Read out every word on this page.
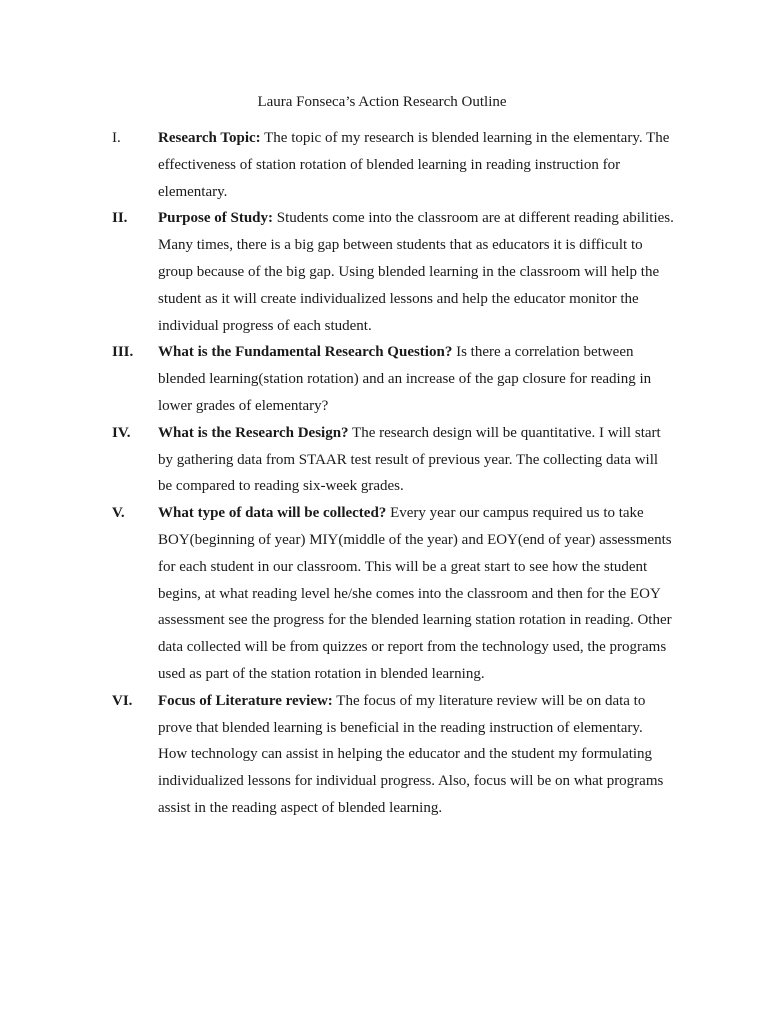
Laura Fonseca’s Action Research Outline
I.	Research Topic: The topic of my research is blended learning in the elementary. The
effectiveness of station rotation of blended learning in reading instruction for
elementary.
II.	Purpose of Study: Students come into the classroom are at different reading abilities.
Many times, there is a big gap between students that as educators it is difficult to
group because of the big gap. Using blended learning in the classroom will help the
student as it will create individualized lessons and help the educator monitor the
individual progress of each student.
III.	What is the Fundamental Research Question? Is there a correlation between
blended learning(station rotation) and an increase of the gap closure for reading in
lower grades of elementary?
IV.	What is the Research Design? The research design will be quantitative. I will start
by gathering data from STAAR test result of previous year. The collecting data will
be compared to reading six-week grades.
V.	What type of data will be collected? Every year our campus required us to take
BOY(beginning of year) MIY(middle of the year) and EOY(end of year) assessments
for each student in our classroom. This will be a great start to see how the student
begins, at what reading level he/she comes into the classroom and then for the EOY
assessment see the progress for the blended learning station rotation in reading. Other
data collected will be from quizzes or report from the technology used, the programs
used as part of the station rotation in blended learning.
VI.	Focus of Literature review: The focus of my literature review will be on data to
prove that blended learning is beneficial in the reading instruction of elementary.
How technology can assist in helping the educator and the student my formulating
individualized lessons for individual progress. Also, focus will be on what programs
assist in the reading aspect of blended learning.
